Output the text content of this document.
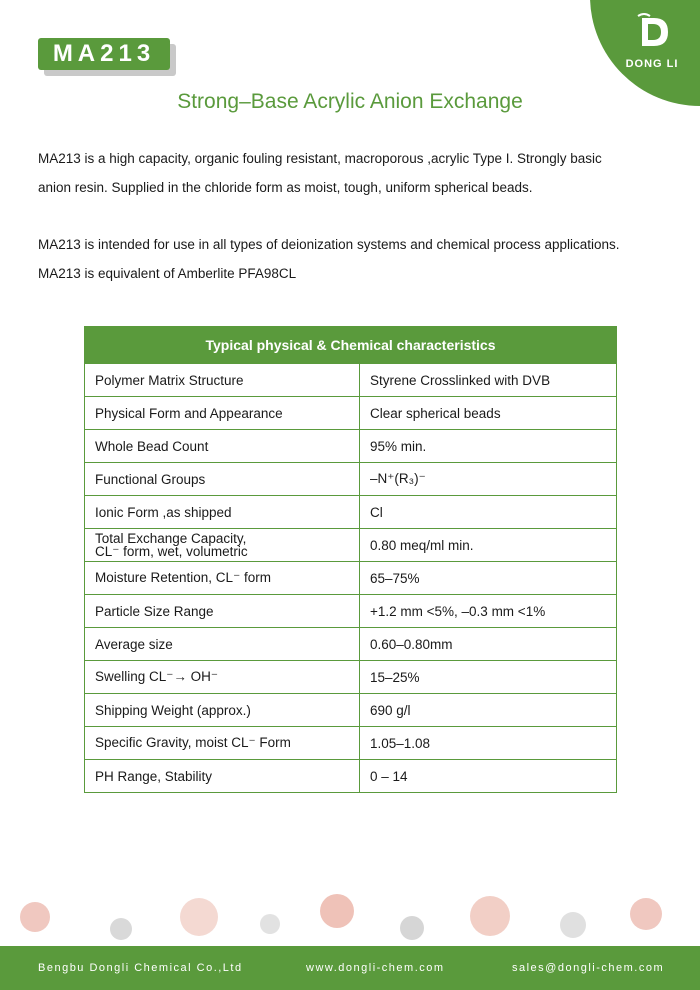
DONG LI
MA213
Strong–Base Acrylic Anion Exchange
MA213 is a high capacity, organic fouling resistant, macroporous ,acrylic Type I. Strongly basic
anion resin. Supplied in the chloride form as moist, tough, uniform spherical beads.
MA213 is intended for use in all types of deionization systems and chemical process applications.
MA213 is equivalent of Amberlite PFA98CL
Typical physical & Chemical characteristics	
Polymer Matrix Structure	Styrene Crosslinked with DVB
Physical Form and Appearance	Clear spherical beads
Whole Bead Count	95% min.
Functional Groups	–N⁺(R₃)⁻
Ionic Form ,as shipped	Cl

Total Exchange Capacity,
CL⁻ form, wet, volumetric	0.80 meq/ml min.
Moisture Retention, CL⁻ form	65–75%
Particle Size Range	+1.2 mm <5%, –0.3 mm <1%
Average size	0.60–0.80mm
Swelling CL⁻→ OH⁻	15–25%
Shipping Weight (approx.)	690 g/l
Specific Gravity, moist CL⁻ Form	1.05–1.08
PH Range, Stability	0 – 14
Bengbu Dongli Chemical Co.,Ltd	www.dongli-chem.com	sales@dongli-chem.com
